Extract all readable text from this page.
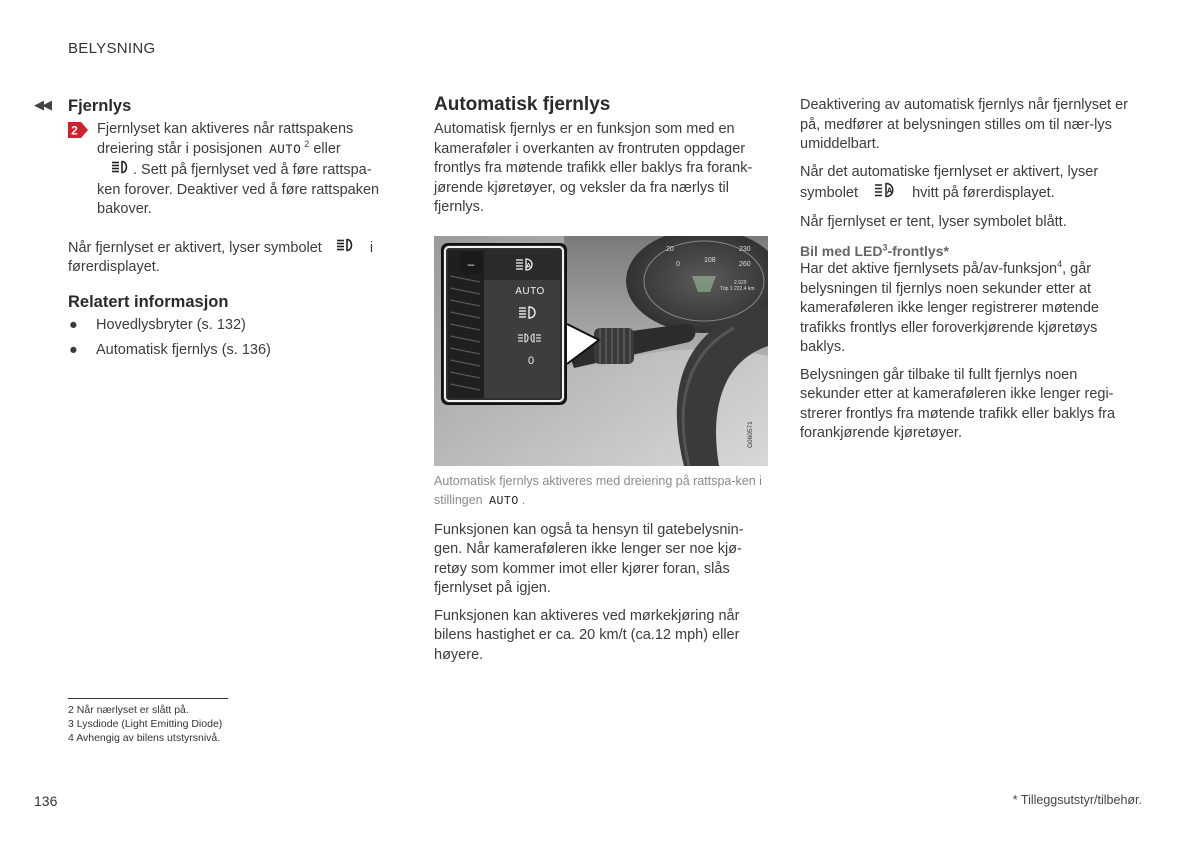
BELYSNING
◀◀ Fjernlys
2 Fjernlyset kan aktiveres når rattspakens dreiering står i posisjonen AUTO $^2$ eller
. Sett på fjernlyset ved å føre rattspa-ken forover. Deaktiver ved å føre rattspaken bakover.

Når fjernlyset er aktivert, lyser symbolet	i førerdisplayet.

Relatert informasjon
● Hovedlysbryter (s. 132)
● Automatisk fjernlys (s. 136)
Automatisk fjernlys

Automatisk fjernlys er en funksjon som med en kameraføler i overkanten av frontruten oppdager frontlys fra møtende trafikk eller baklys fra forank-jørende kjøretøyer, og veksler da fra nærlys til fjernlys.

20	230
260
108
0
2.929
Trip 1 222.4 km
–	A
AUTO
0
G060571

Automatisk fjernlys aktiveres med dreiering på rattspa-ken i stillingen AUTO .

Funksjonen kan også ta hensyn til gatebelysnin-gen. Når kameraføleren ikke lenger ser noe kjø-retøy som kommer imot eller kjører foran, slås fjernlyset på igjen.

Funksjonen kan aktiveres ved mørkekjøring når bilens hastighet er ca. 20 km/t (ca.12 mph) eller høyere.

Deaktivering av automatisk fjernlys når fjernlyset er på, medfører at belysningen stilles om til nær-lys umiddelbart.

Når det automatiske fjernlyset er aktivert, lyser symbolet	A hvitt på førerdisplayet.

Når fjernlyset er tent, lyser symbolet blått.

Bil med LED$^3$-frontlys*

Har det aktive fjernlysets på/av-funksjon$^4$, går belysningen til fjernlys noen sekunder etter at kameraføleren ikke lenger registrerer møtende trafikks frontlys eller foroverkjørende kjøretøys baklys.

Belysningen går tilbake til fullt fjernlys noen sekunder etter at kameraføleren ikke lenger regi-strerer frontlys fra møtende trafikk eller baklys fra forankjørende kjøretøyer.

2 Når nærlyset er slått på.
3 Lysdiode (Light Emitting Diode)
4 Avhengig av bilens utstyrsnivå.
136	* Tilleggsutstyr/tilbehør.
